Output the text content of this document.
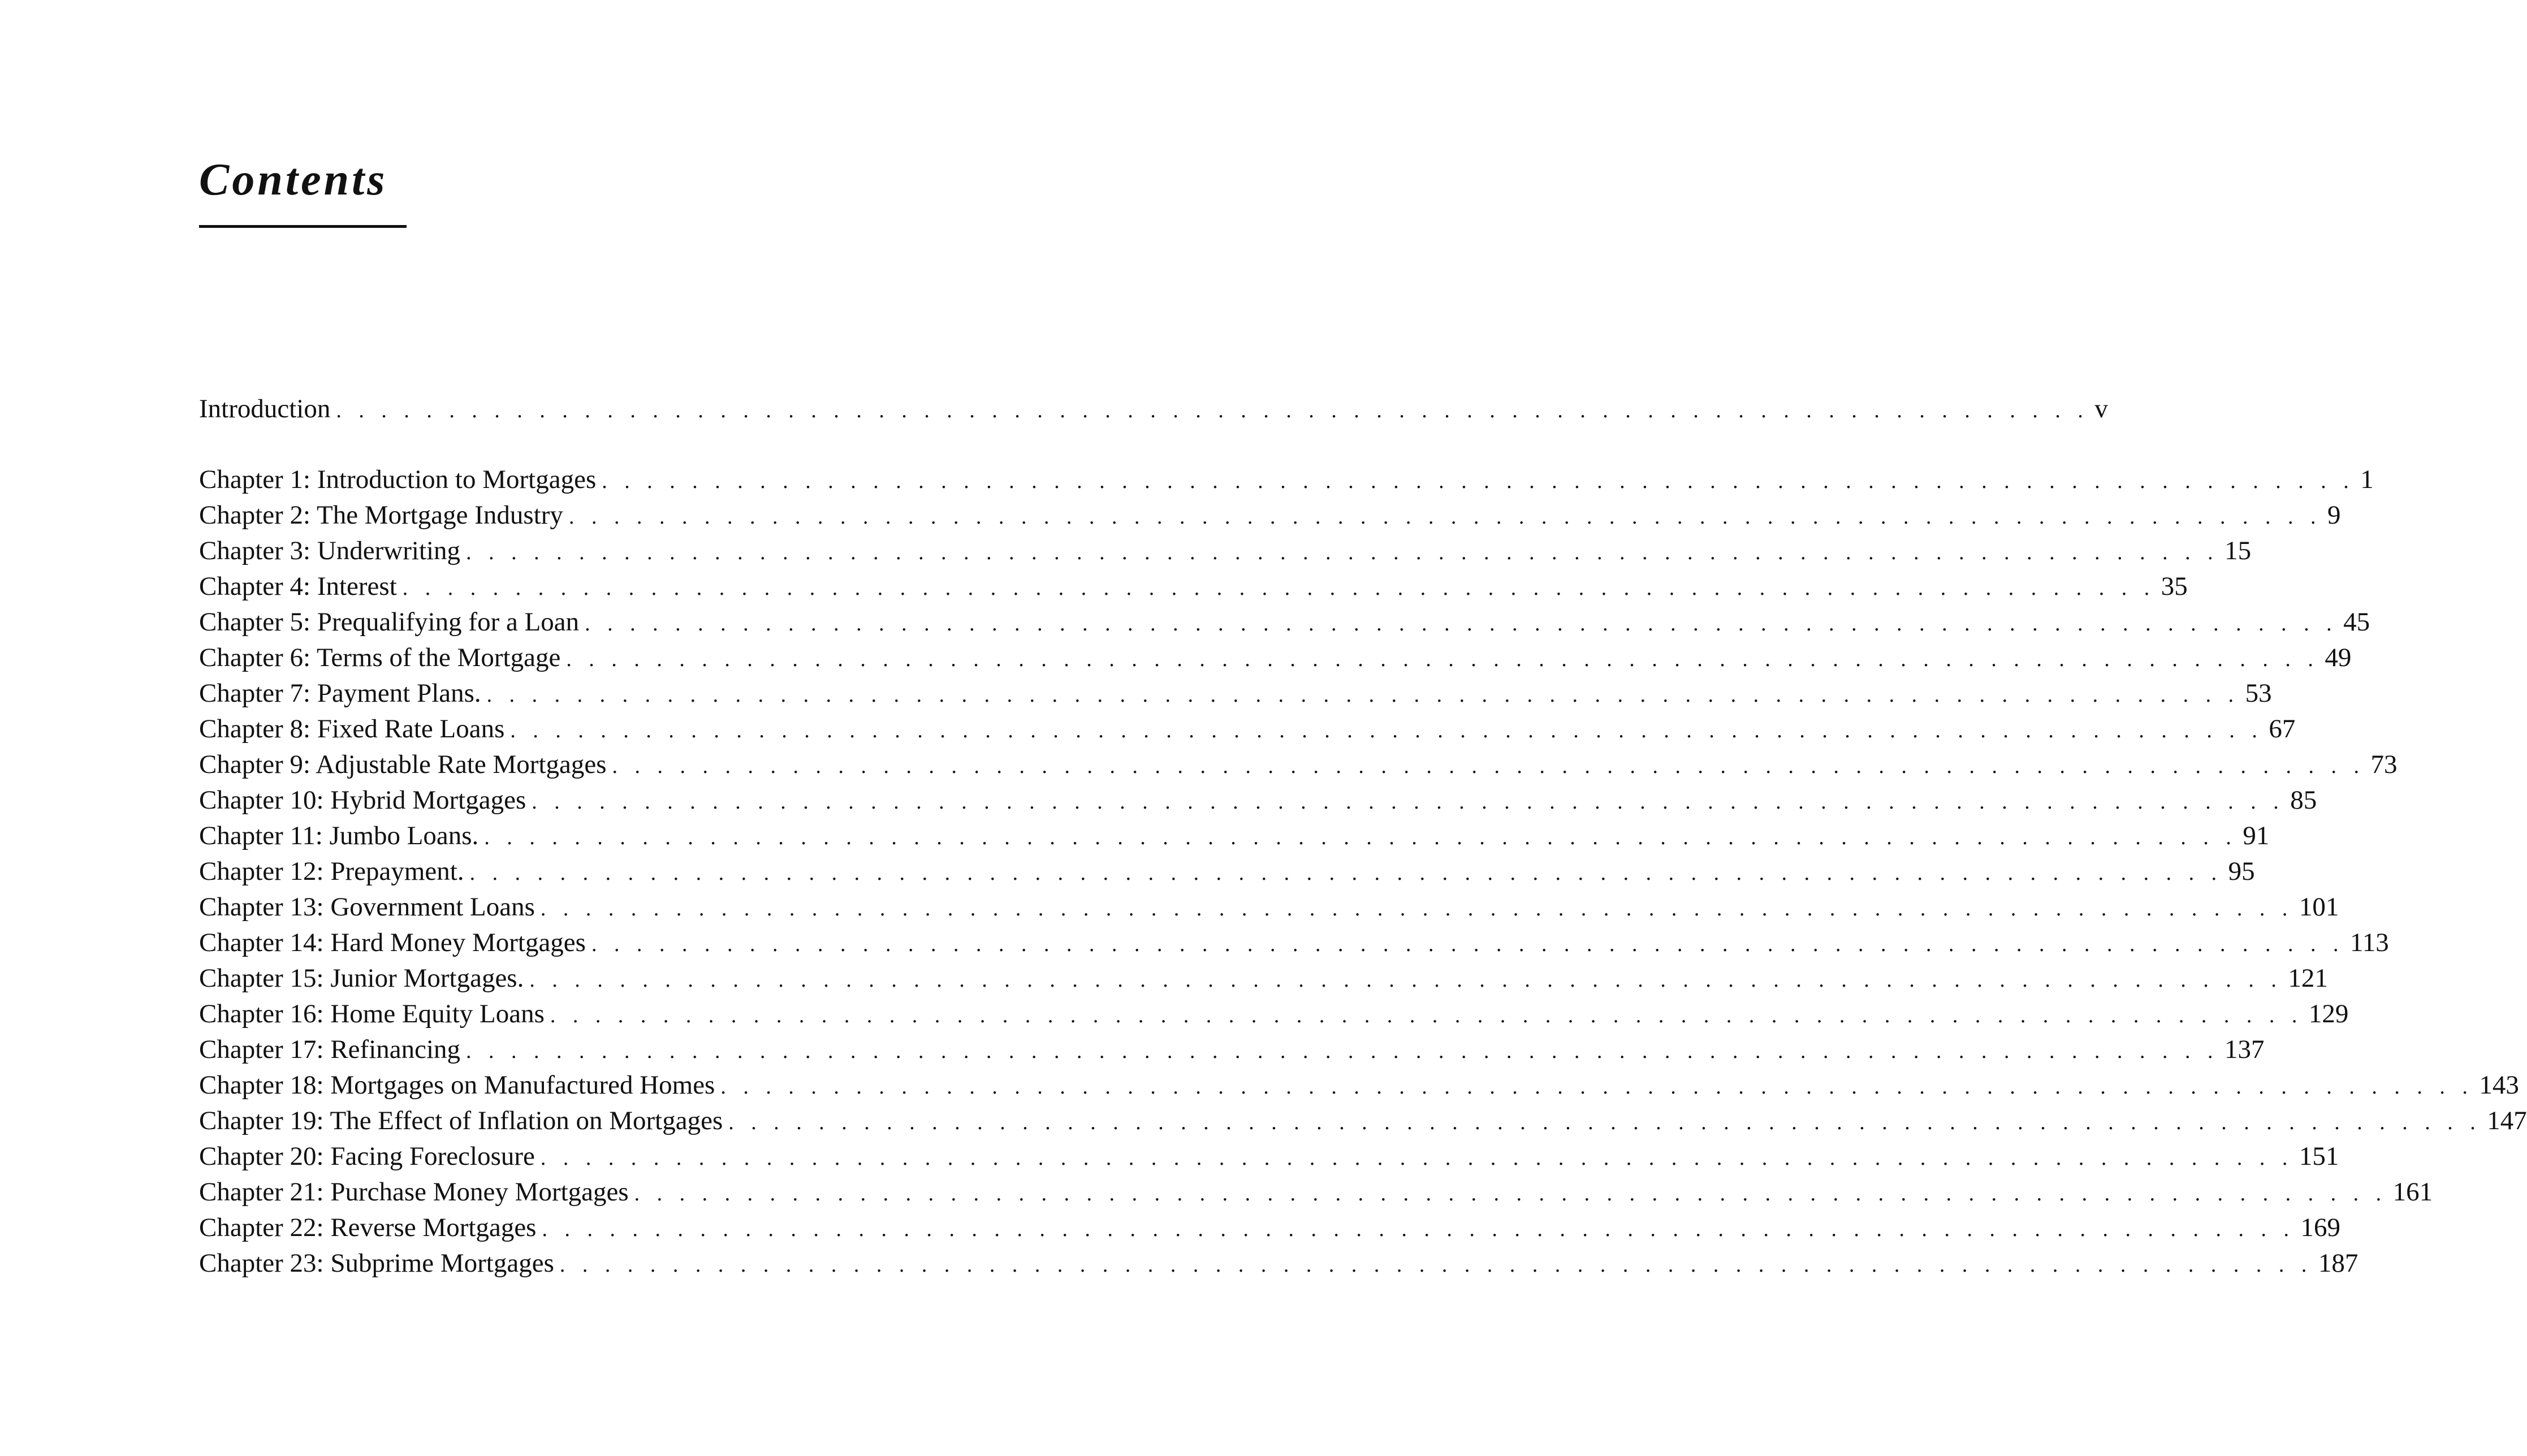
Contents
Introduction . . . . . . . . . . . . . . . . . . . . . . . . . . . . . . . . . . . . . . . . . . . . . . . . . . . . . . . . . . . . . . . . . . . . . . . . . . . . . . v
Chapter 1: Introduction to Mortgages . . . . . . . . . . . . . . . . . . . . . . . . . . . . . . . . . . . . . . . . . . . . . . . . . . . . . . . . . . . . . . . . . . . . . . . . . . . . . . 1
Chapter 2: The Mortgage Industry . . . . . . . . . . . . . . . . . . . . . . . . . . . . . . . . . . . . . . . . . . . . . . . . . . . . . . . . . . . . . . . . . . . . . . . . . . . . . . 9
Chapter 3: Underwriting . . . . . . . . . . . . . . . . . . . . . . . . . . . . . . . . . . . . . . . . . . . . . . . . . . . . . . . . . . . . . . . . . . . . . . . . . . . . . . 15
Chapter 4: Interest . . . . . . . . . . . . . . . . . . . . . . . . . . . . . . . . . . . . . . . . . . . . . . . . . . . . . . . . . . . . . . . . . . . . . . . . . . . . . . 35
Chapter 5: Prequalifying for a Loan . . . . . . . . . . . . . . . . . . . . . . . . . . . . . . . . . . . . . . . . . . . . . . . . . . . . . . . . . . . . . . . . . . . . . . . . . . . . . . 45
Chapter 6: Terms of the Mortgage . . . . . . . . . . . . . . . . . . . . . . . . . . . . . . . . . . . . . . . . . . . . . . . . . . . . . . . . . . . . . . . . . . . . . . . . . . . . . . 49
Chapter 7: Payment Plans. . . . . . . . . . . . . . . . . . . . . . . . . . . . . . . . . . . . . . . . . . . . . . . . . . . . . . . . . . . . . . . . . . . . . . . . . . . . . . . 53
Chapter 8: Fixed Rate Loans . . . . . . . . . . . . . . . . . . . . . . . . . . . . . . . . . . . . . . . . . . . . . . . . . . . . . . . . . . . . . . . . . . . . . . . . . . . . . . 67
Chapter 9: Adjustable Rate Mortgages . . . . . . . . . . . . . . . . . . . . . . . . . . . . . . . . . . . . . . . . . . . . . . . . . . . . . . . . . . . . . . . . . . . . . . . . . . . . . . 73
Chapter 10: Hybrid Mortgages . . . . . . . . . . . . . . . . . . . . . . . . . . . . . . . . . . . . . . . . . . . . . . . . . . . . . . . . . . . . . . . . . . . . . . . . . . . . . . 85
Chapter 11: Jumbo Loans. . . . . . . . . . . . . . . . . . . . . . . . . . . . . . . . . . . . . . . . . . . . . . . . . . . . . . . . . . . . . . . . . . . . . . . . . . . . . . . 91
Chapter 12: Prepayment. . . . . . . . . . . . . . . . . . . . . . . . . . . . . . . . . . . . . . . . . . . . . . . . . . . . . . . . . . . . . . . . . . . . . . . . . . . . . . . 95
Chapter 13: Government Loans . . . . . . . . . . . . . . . . . . . . . . . . . . . . . . . . . . . . . . . . . . . . . . . . . . . . . . . . . . . . . . . . . . . . . . . . . . . . . . 101
Chapter 14: Hard Money Mortgages . . . . . . . . . . . . . . . . . . . . . . . . . . . . . . . . . . . . . . . . . . . . . . . . . . . . . . . . . . . . . . . . . . . . . . . . . . . . . . 113
Chapter 15: Junior Mortgages. . . . . . . . . . . . . . . . . . . . . . . . . . . . . . . . . . . . . . . . . . . . . . . . . . . . . . . . . . . . . . . . . . . . . . . . . . . . . . . 121
Chapter 16: Home Equity Loans . . . . . . . . . . . . . . . . . . . . . . . . . . . . . . . . . . . . . . . . . . . . . . . . . . . . . . . . . . . . . . . . . . . . . . . . . . . . . . 129
Chapter 17: Refinancing . . . . . . . . . . . . . . . . . . . . . . . . . . . . . . . . . . . . . . . . . . . . . . . . . . . . . . . . . . . . . . . . . . . . . . . . . . . . . . 137
Chapter 18: Mortgages on Manufactured Homes . . . . . . . . . . . . . . . . . . . . . . . . . . . . . . . . . . . . . . . . . . . . . . . . . . . . . . . . . . . . . . . . . . . . . . . . . . . . . . 143
Chapter 19: The Effect of Inflation on Mortgages . . . . . . . . . . . . . . . . . . . . . . . . . . . . . . . . . . . . . . . . . . . . . . . . . . . . . . . . . . . . . . . . . . . . . . . . . . . . . . 147
Chapter 20: Facing Foreclosure . . . . . . . . . . . . . . . . . . . . . . . . . . . . . . . . . . . . . . . . . . . . . . . . . . . . . . . . . . . . . . . . . . . . . . . . . . . . . . 151
Chapter 21: Purchase Money Mortgages . . . . . . . . . . . . . . . . . . . . . . . . . . . . . . . . . . . . . . . . . . . . . . . . . . . . . . . . . . . . . . . . . . . . . . . . . . . . . . 161
Chapter 22: Reverse Mortgages . . . . . . . . . . . . . . . . . . . . . . . . . . . . . . . . . . . . . . . . . . . . . . . . . . . . . . . . . . . . . . . . . . . . . . . . . . . . . . 169
Chapter 23: Subprime Mortgages . . . . . . . . . . . . . . . . . . . . . . . . . . . . . . . . . . . . . . . . . . . . . . . . . . . . . . . . . . . . . . . . . . . . . . . . . . . . . . 187
